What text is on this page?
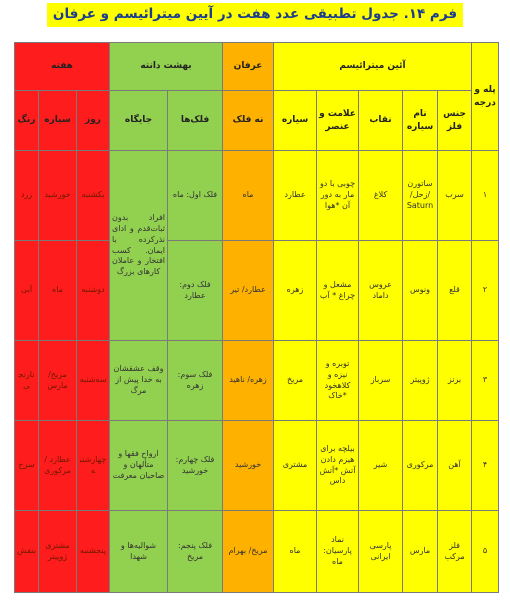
فرم ۱۴. جدول تطبیقی عدد هفت در آیین میترائیسم و عرفان
پله و درجه	آئین میترائیسم					عرفان	بهشت دانته		هفته		
	جنس فلز	نام سیاره	نقاب	علامت و عنصر	سیاره	نه فلک	فلک‌ها	جایگاه	روز	سیاره	رنگ
۱	سرب	ساتورن /زحل/ Saturn	کلاغ	چوبی با دو مار به دور آن *هوا	عطارد	ماه	فلک اول: ماه	افراد بدون ثبات‌قدم و ادای نذرکرده با ایمان. کسب افتخار و عاملان کارهای بزرگ	یکشنبه	خورشید	زرد
۲	قلع	ونوس	عروس داماد	مشعل و چراغ * آب	زهره	عطارد/ تیر	فلک دوم: عطارد		دوشنبه	ماه	آبی
۳	برنز	ژوپیتر	سرباز	توبره و نیزه و کلاهخود *خاک	مریخ	زهره/ ناهید	فلک سوم: زهره	وقف عشقشان به خدا پیش از مرگ	سه‌شنبه	مریخ/ مارس	نارنجی
۴	آهن	مرکوری	شیر	بیلچه برای هیزم دادن آتش *آتش داس	مشتری	خورشید	فلک چهارم: خورشید	ارواح فقها و متألهان و صاحبان معرفت	چهارشنبه	عطارد /مرکوری	سرخ
۵	فلز مرکب	مارس	پارسی ایرانی	نماد پارسیان: ماه	ماه	مریخ/ بهرام	فلک پنجم: مریخ	شوالیه‌ها و شهدا	پنجشنبه	مشتری ژوپیتر	بنفش
